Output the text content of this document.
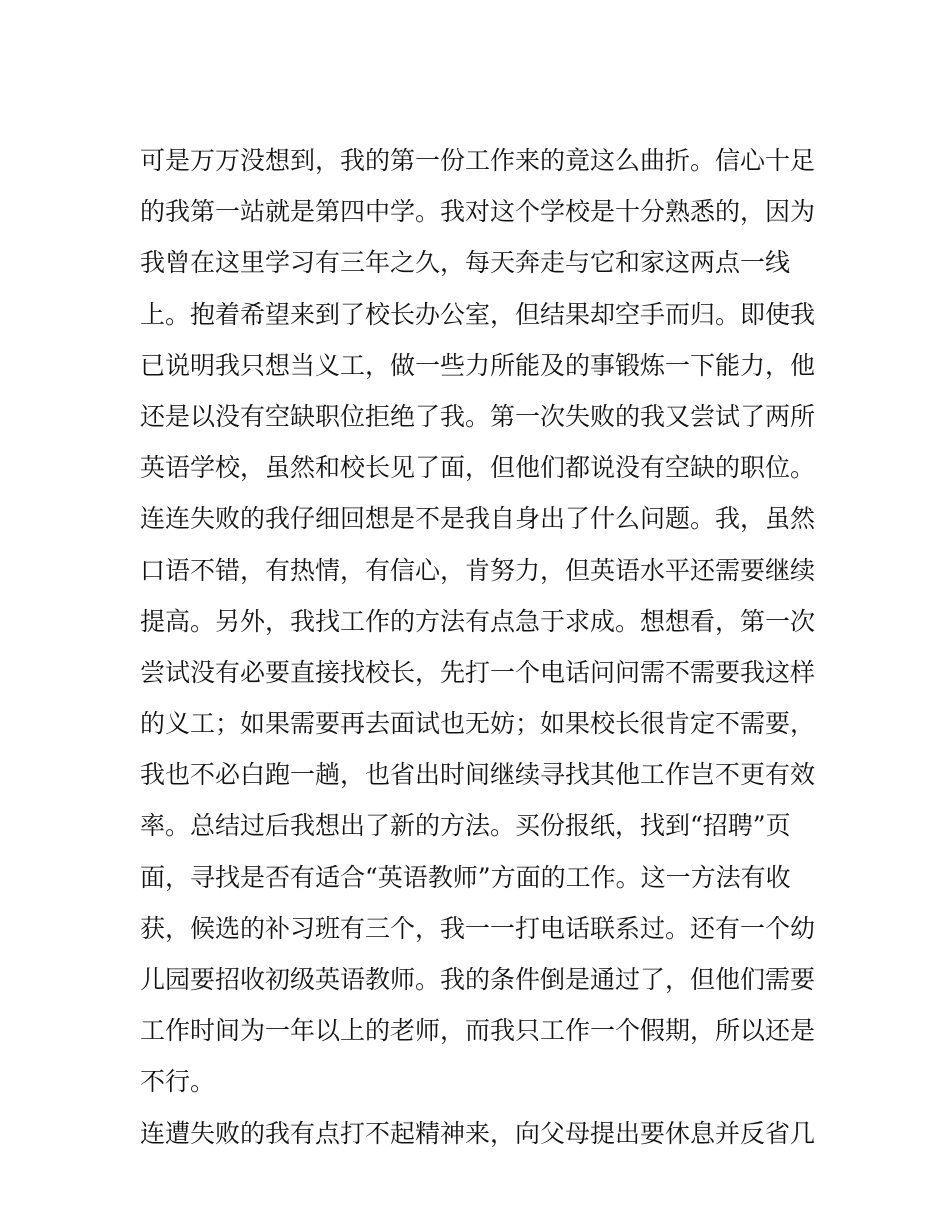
可是万万没想到，我的第一份工作来的竟这么曲折。信心十足
的我第一站就是第四中学。我对这个学校是十分熟悉的，因为
我曾在这里学习有三年之久，每天奔走与它和家这两点一线
上。抱着希望来到了校长办公室，但结果却空手而归。即使我
已说明我只想当义工，做一些力所能及的事锻炼一下能力，他
还是以没有空缺职位拒绝了我。第一次失败的我又尝试了两所
英语学校，虽然和校长见了面，但他们都说没有空缺的职位。
连连失败的我仔细回想是不是我自身出了什么问题。我，虽然
口语不错，有热情，有信心，肯努力，但英语水平还需要继续
提高。另外，我找工作的方法有点急于求成。想想看，第一次
尝试没有必要直接找校长，先打一个电话问问需不需要我这样
的义工；如果需要再去面试也无妨；如果校长很肯定不需要，
我也不必白跑一趟，也省出时间继续寻找其他工作岂不更有效
率。总结过后我想出了新的方法。买份报纸，找到“招聘”页
面，寻找是否有适合“英语教师”方面的工作。这一方法有收
获，候选的补习班有三个，我一一打电话联系过。还有一个幼
儿园要招收初级英语教师。我的条件倒是通过了，但他们需要
工作时间为一年以上的老师，而我只工作一个假期，所以还是
不行。
连遭失败的我有点打不起精神来，向父母提出要休息并反省几
